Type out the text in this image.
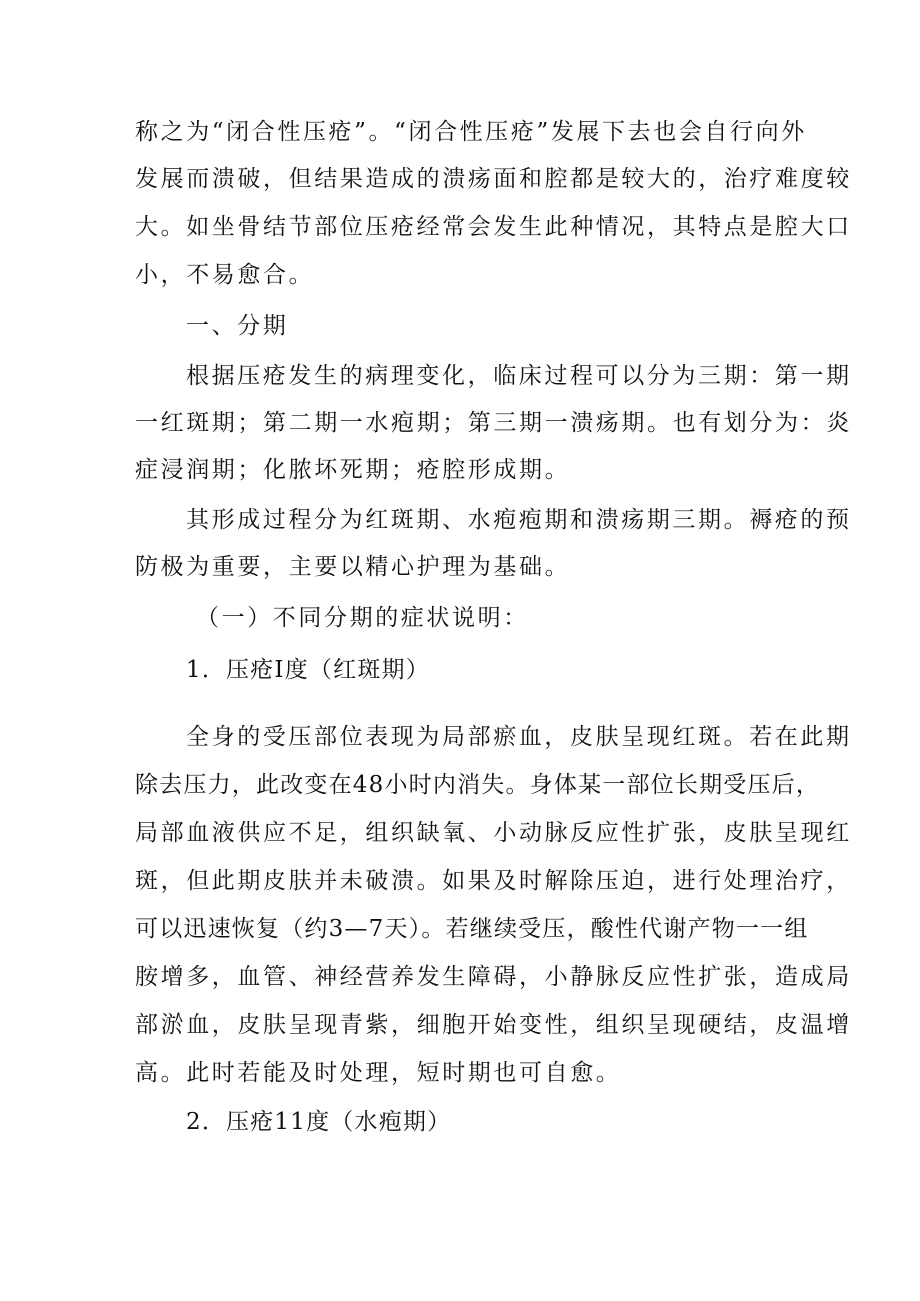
称之为“闭合性压疮”。“闭合性压疮”发展下去也会自行向外
发展而溃破，但结果造成的溃疡面和腔都是较大的，治疗难度较
大。如坐骨结节部位压疮经常会发生此种情况，其特点是腔大口
小，不易愈合。
一、分期
根据压疮发生的病理变化，临床过程可以分为三期：第一期
一红斑期；第二期一水疱期；第三期一溃疡期。也有划分为：炎
症浸润期；化脓坏死期；疮腔形成期。
其形成过程分为红斑期、水疱疱期和溃疡期三期。褥疮的预
防极为重要，主要以精心护理为基础。
（一）不同分期的症状说明：
1．压疮I度（红斑期）
全身的受压部位表现为局部瘀血，皮肤呈现红斑。若在此期
除去压力，此改变在48小时内消失。身体某一部位长期受压后，
局部血液供应不足，组织缺氧、小动脉反应性扩张，皮肤呈现红
斑，但此期皮肤并未破溃。如果及时解除压迫，进行处理治疗，
可以迅速恢复（约3—7天）。若继续受压，酸性代谢产物一一组
胺增多，血管、神经营养发生障碍，小静脉反应性扩张，造成局
部淤血，皮肤呈现青紫，细胞开始变性，组织呈现硬结，皮温增
高。此时若能及时处理，短时期也可自愈。
2．压疮11度（水疱期）
